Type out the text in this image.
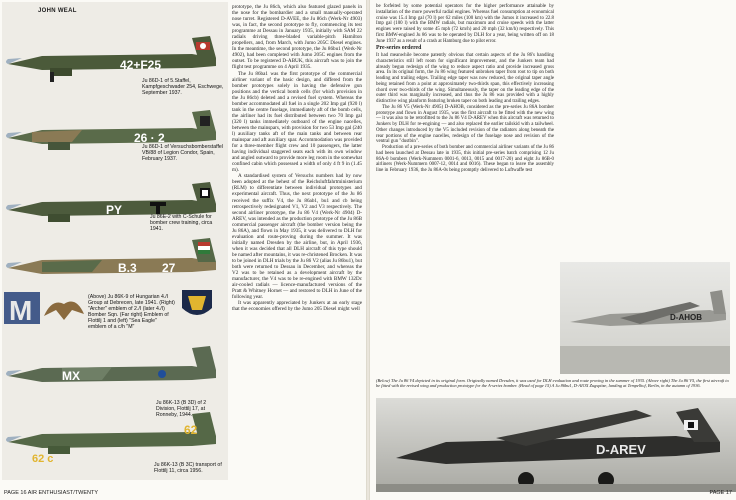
JOHN WEAL
42+F25
26 · 2
PY
B.3 27
M
MX
62
62 c
Ju 86D-1 of 5.Staffel, Kampfgeschwader 254, Eschwege, September 1937.
Ju 86D-1 of Versuchsbomberstaffel VB/88 of Legion Condor, Spain, February 1937.
Ju 86E-2 with C-Schule for bomber crew training, circa 1941.
(Above) Ju 86K-9 of Hungarian 4./I Group at Debrecen, late 1941. (Right) "Archer" emblem of 2./I (later 4./I) Bomber Sqn. (Far right) Emblem of Flottilj 1 and (left) "Sea Eagle" emblem of a c/h "M"
Ju 86K-13 (B 3D) of 2 Division, Flottilj 17, at Ronneby, 1944.
Ju 86K-13 (B 3C) transport of Flottilj 11, circa 1956.

prototype, the Ju 86ch, which also featured glazed panels in the nose for the bombardier and a small manually-operated nose turret. Registered D-AVEE, the Ju 86ch (Werk-Nr 4903) was, in fact, the second prototype to fly, commencing its test programme at Dessau in January 1935, initially with SAM 22 radials driving three-bladed variable-pitch Hamilton propellers, and, from March, with Jumo 205C Diesel engines. In the meantime, the second prototype, the Ju 86bu1 (Werk-Nr 4902), had been completed with Jumo 205C engines from the outset. To be registered D-ABUK, this aircraft was to join the flight test programme on 4 April 1935.

The Ju 86ba1 was the first prototype of the commercial airliner variant of the basic design, and differed from the bomber prototypes solely in having the defensive gun positions and the vertical bomb cells (for which provision in the Ju 86cb) deleted and a revised fuel system. Whereas the bomber accommodated all fuel in a single 202 Imp gal (920 l) tank in the centre fuselage, immediately aft of the bomb cells, the airliner had its fuel distributed between two 70 Imp gal (320 l) tanks immediately outboard of the engine nacelles, between the mainspars, with provision for two 53 Imp gal (240 l) auxiliary tanks aft of the main tanks and between rear mainspar and aft auxiliary spar. Accommodation was provided for a three-member flight crew and 10 passengers, the latter having individual staggered seats each with its own window and angled outward to provide more leg room in the somewhat confined cabin which possessed a width of only 4 ft 9 in (1.45 m).

A standardised system of Versuchs numbers had by now been adopted at the behest of the Reichsluftfahrtministerium (RLM) to differentiate between individual prototypes and experimental aircraft. Thus, the next prototype of the Ju 86 received the suffix V4, the Ju 86ab1, bu1 and cb being retrospectively redesignated V1, V2 and V3 respectively. The second airliner prototype, the Ju 86 V4 (Werk-Nr 4904) D-AREV, was intended as the production prototype of the Ju 86B commercial passenger aircraft (the bomber version being the Ju 86A), and flown in May 1935, it was delivered to DLH for evaluation and route-proving during the summer. It was initially named Dresden by the airline, but, in April 1936, when it was decided that all DLH aircraft of this type should be named after mountains, it was re-christened Brocken. It was to be joined in DLH trials by the Ju 86 V2 (alias Ju 86bu1), but both were returned to Dessau in December, and whereas the V2 was to be retained as a development aircraft by the manufacturer, the V4 was to be re-engined with BMW 132Dc air-cooled radials — licence-manufactured versions of the Pratt & Whitney Hornet — and restored to DLH in June of the following year.

It was apparently appreciated by Junkers at an early stage that the economies offered by the Jumo 205 Diesel might well

PAGE 16 AIR ENTHUSIAST/TWENTY

be forfeited by some potential operators for the higher performance attainable by installation of the more powerful radial engines. Whereas fuel consumption at economical cruise was 15.4 Imp gal (70 l) per 62 miles (100 km) with the Jumos it increased to 22.8 Imp gal (100 l) with the BMW radials, but maximum and cruise speeds with the latter engines were raised by some 45 mph (72 km/h) and 20 mph (32 km/h) respectively. This first BMW-engined Ju 86 was to be operated by DLH for a year, being written off on 18 June 1937 as a result of a crash at Hamburg due to pilot error.

Pre-series ordered

It had meanwhile become patently obvious that certain aspects of the Ju 86's handling characteristics still left room for significant improvement, and the Junkers team had already begun redesign of the wing to reduce aspect ratio and provide increased gross area. In its original form, the Ju 86 wing featured unbroken taper from root to tip on both leading and trailing edges. Trailing edge taper was now reduced, the original taper angle being retained from a point at approximately two-thirds span, this effectively increasing chord over two-thirds of the wing. Simultaneously, the taper on the leading edge of the outer third was marginally increased, and thus the Ju 86 was provided with a highly distinctive wing planform featuring broken taper on both leading and trailing edges.

The Ju 86 V5 (Werk-Nr 4905) D-AHOB, considered as the pre-series Ju 86A bomber prototype and flown in August 1935, was the first aircraft to be fitted with the new wing — it was also to be retrofitted to the Ju 86 V4 D-AREV when this aircraft was returned to Junkers by DLH for re-engining — and also replaced the earlier tailskid with a tailwheel. Other changes introduced by the V5 included revision of the radiators along beneath the rear portions of the engine nacelles, redesign of the fuselage nose and revision of the ventral gun "dustbin".

Production of a pre-series of both bomber and commercial airliner variants of the Ju 86 had been launched at Dessau late in 1935, this initial pre-series batch comprising 12 Ju 86A-0 bombers (Werk-Nummern 0001-6, 0013, 0015 and 0017-20) and eight Ju 86B-0 airliners (Werk-Nummern 0007-12, 0014 and 0016). These began to leave the assembly line in February 1936, the Ju 86A-0s being promptly delivered to Luftwaffe test

D-AHOB
(Below) The Ju 86 V4 depicted in its original form. Originally named Dresden, it was used for DLH evaluation and route proving in the summer of 1935. (Above right) The Ju 86 V5, the first aircraft to be fitted with the revised wing and production prototype for the A-series bomber. (Head of page 15) A Ju 86bu1, D-AIOX Zugspitze, landing at Tempelhof, Berlin, in the autumn of 1936.
D-AREV
PAGE 17
